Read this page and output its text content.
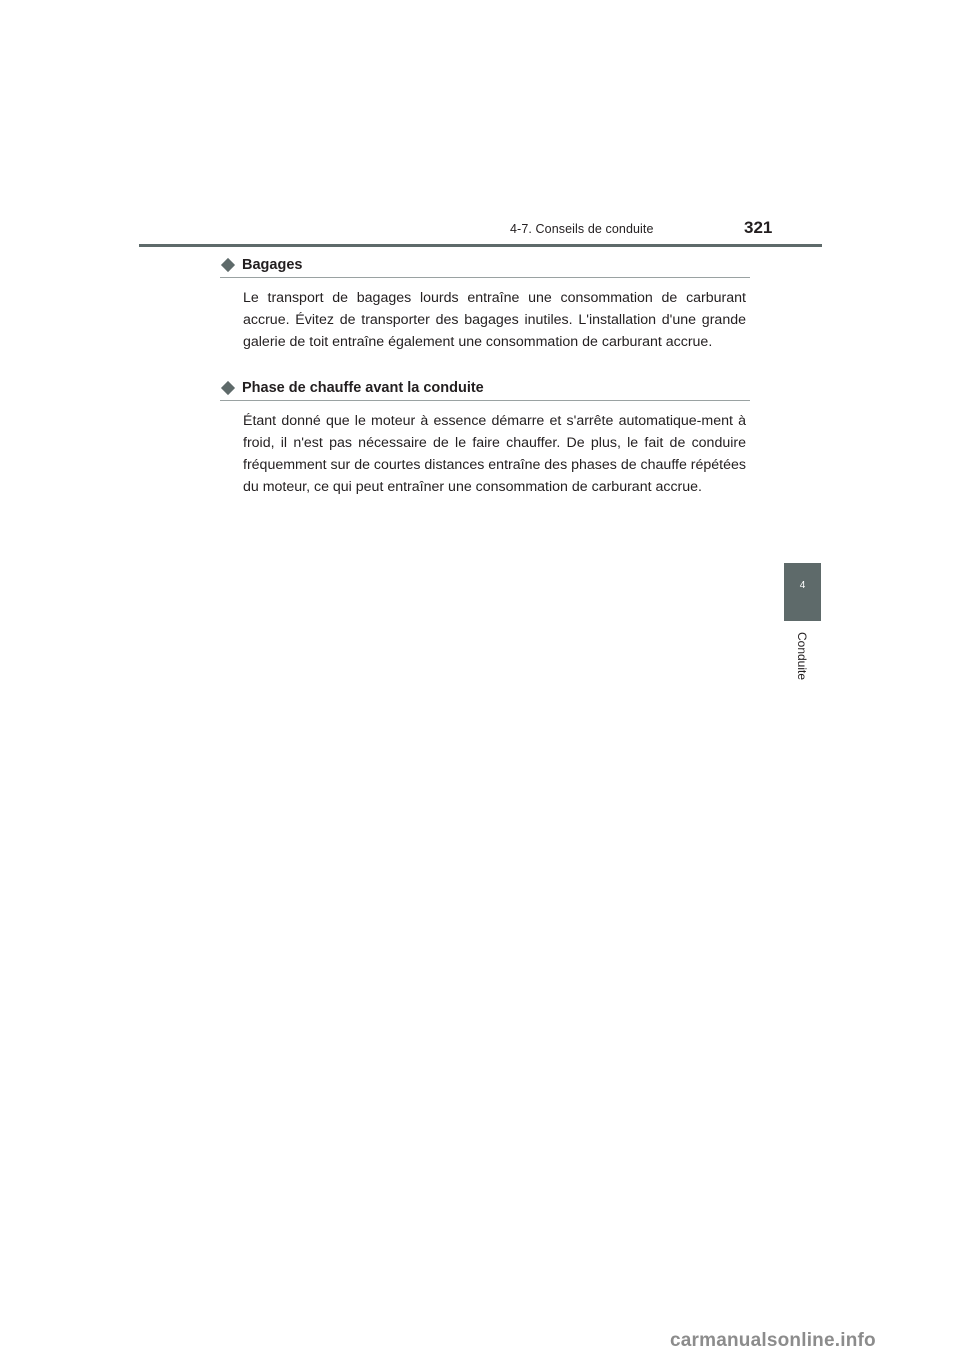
4-7. Conseils de conduite	321
4
Conduite
Bagages
Le transport de bagages lourds entraîne une consommation de carburant accrue. Évitez de transporter des bagages inutiles. L'installation d'une grande galerie de toit entraîne également une consommation de carburant accrue.
Phase de chauffe avant la conduite
Étant donné que le moteur à essence démarre et s'arrête automatique-ment à froid, il n'est pas nécessaire de le faire chauffer. De plus, le fait de conduire fréquemment sur de courtes distances entraîne des phases de chauffe répétées du moteur, ce qui peut entraîner une consommation de carburant accrue.
carmanualsonline.info
